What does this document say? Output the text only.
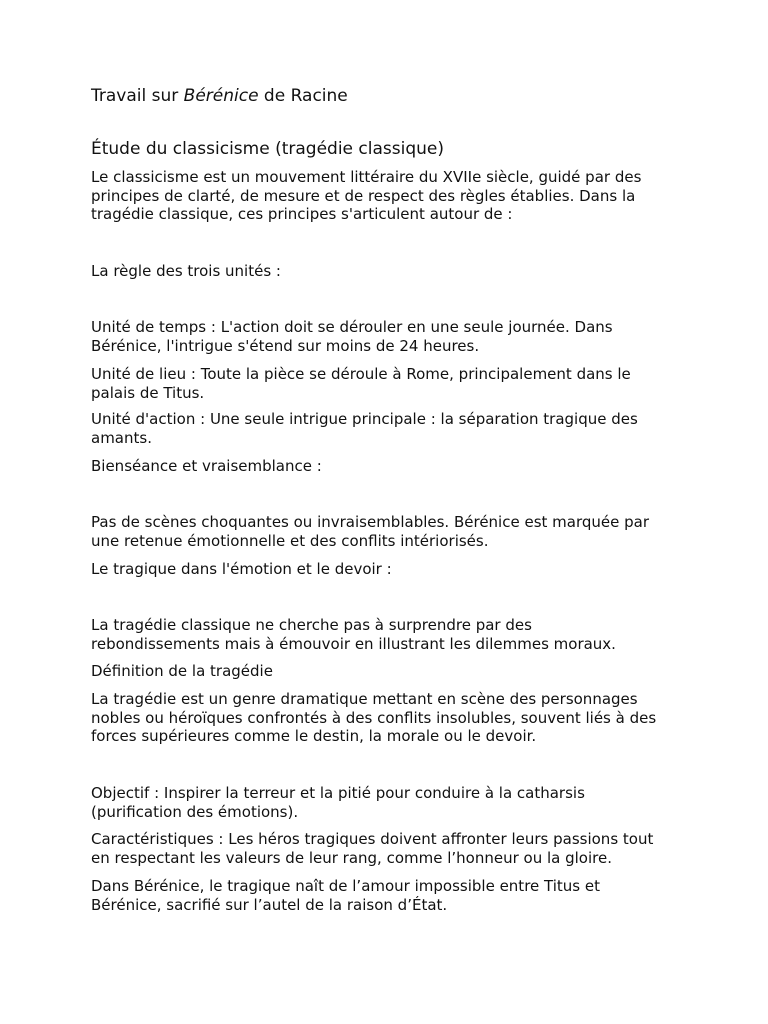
Travail sur Bérénice de Racine

Étude du classicisme (tragédie classique)

Le classicisme est un mouvement littéraire du XVIIe siècle, guidé par des
principes de clarté, de mesure et de respect des règles établies. Dans la
tragédie classique, ces principes s'articulent autour de :

La règle des trois unités :

Unité de temps : L'action doit se dérouler en une seule journée. Dans
Bérénice, l'intrigue s'étend sur moins de 24 heures.

Unité de lieu : Toute la pièce se déroule à Rome, principalement dans le
palais de Titus.

Unité d'action : Une seule intrigue principale : la séparation tragique des
amants.

Bienséance et vraisemblance :

Pas de scènes choquantes ou invraisemblables. Bérénice est marquée par
une retenue émotionnelle et des conflits intériorisés.

Le tragique dans l'émotion et le devoir :

La tragédie classique ne cherche pas à surprendre par des
rebondissements mais à émouvoir en illustrant les dilemmes moraux.

Définition de la tragédie

La tragédie est un genre dramatique mettant en scène des personnages
nobles ou héroïques confrontés à des conflits insolubles, souvent liés à des
forces supérieures comme le destin, la morale ou le devoir.

Objectif : Inspirer la terreur et la pitié pour conduire à la catharsis
(purification des émotions).

Caractéristiques : Les héros tragiques doivent affronter leurs passions tout
en respectant les valeurs de leur rang, comme l’honneur ou la gloire.

Dans Bérénice, le tragique naît de l’amour impossible entre Titus et
Bérénice, sacrifié sur l’autel de la raison d’État.
